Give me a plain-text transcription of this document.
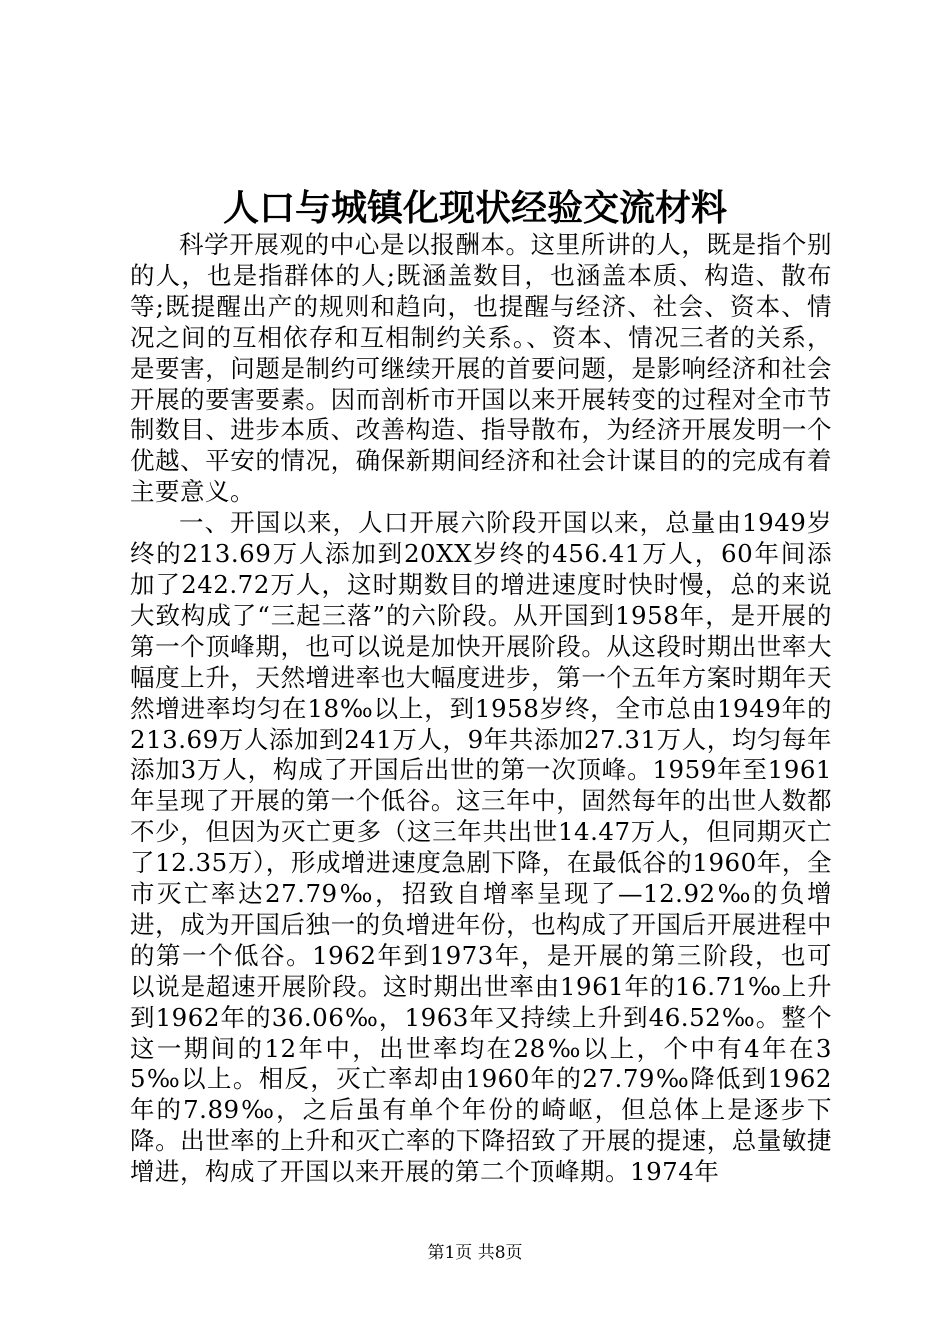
人口与城镇化现状经验交流材料

科学开展观的中心是以报酬本。这里所讲的人，既是指个别的人，也是指群体的人;既涵盖数目，也涵盖本质、构造、散布等;既提醒出产的规则和趋向，也提醒与经济、社会、资本、情况之间的互相依存和互相制约关系。、资本、情况三者的关系，是要害，问题是制约可继续开展的首要问题，是影响经济和社会开展的要害要素。因而剖析市开国以来开展转变的过程对全市节制数目、进步本质、改善构造、指导散布，为经济开展发明一个优越、平安的情况，确保新期间经济和社会计谋目的的完成有着主要意义。

一、开国以来，人口开展六阶段开国以来，总量由1949岁终的213.69万人添加到20XX岁终的456.41万人，60年间添加了242.72万人，这时期数目的增进速度时快时慢，总的来说大致构成了“三起三落”的六阶段。从开国到1958年，是开展的第一个顶峰期，也可以说是加快开展阶段。从这段时期出世率大幅度上升，天然增进率也大幅度进步，第一个五年方案时期年天然增进率均匀在18‰以上，到1958岁终，全市总由1949年的213.69万人添加到241万人，9年共添加27.31万人，均匀每年添加3万人，构成了开国后出世的第一次顶峰。1959年至1961年呈现了开展的第一个低谷。这三年中，固然每年的出世人数都不少，但因为灭亡更多（这三年共出世14.47万人，但同期灭亡了12.35万），形成增进速度急剧下降，在最低谷的1960年，全市灭亡率达27.79‰，招致自增率呈现了—12.92‰的负增进，成为开国后独一的负增进年份，也构成了开国后开展进程中的第一个低谷。1962年到1973年，是开展的第三阶段，也可以说是超速开展阶段。这时期出世率由1961年的16.71‰上升到1962年的36.06‰，1963年又持续上升到46.52‰。整个这一期间的12年中，出世率均在28‰以上，个中有4年在35‰以上。相反，灭亡率却由1960年的27.79‰降低到1962年的7.89‰，之后虽有单个年份的崎岖，但总体上是逐步下降。出世率的上升和灭亡率的下降招致了开展的提速，总量敏捷增进，构成了开国以来开展的第二个顶峰期。1974年

第1页 共8页
